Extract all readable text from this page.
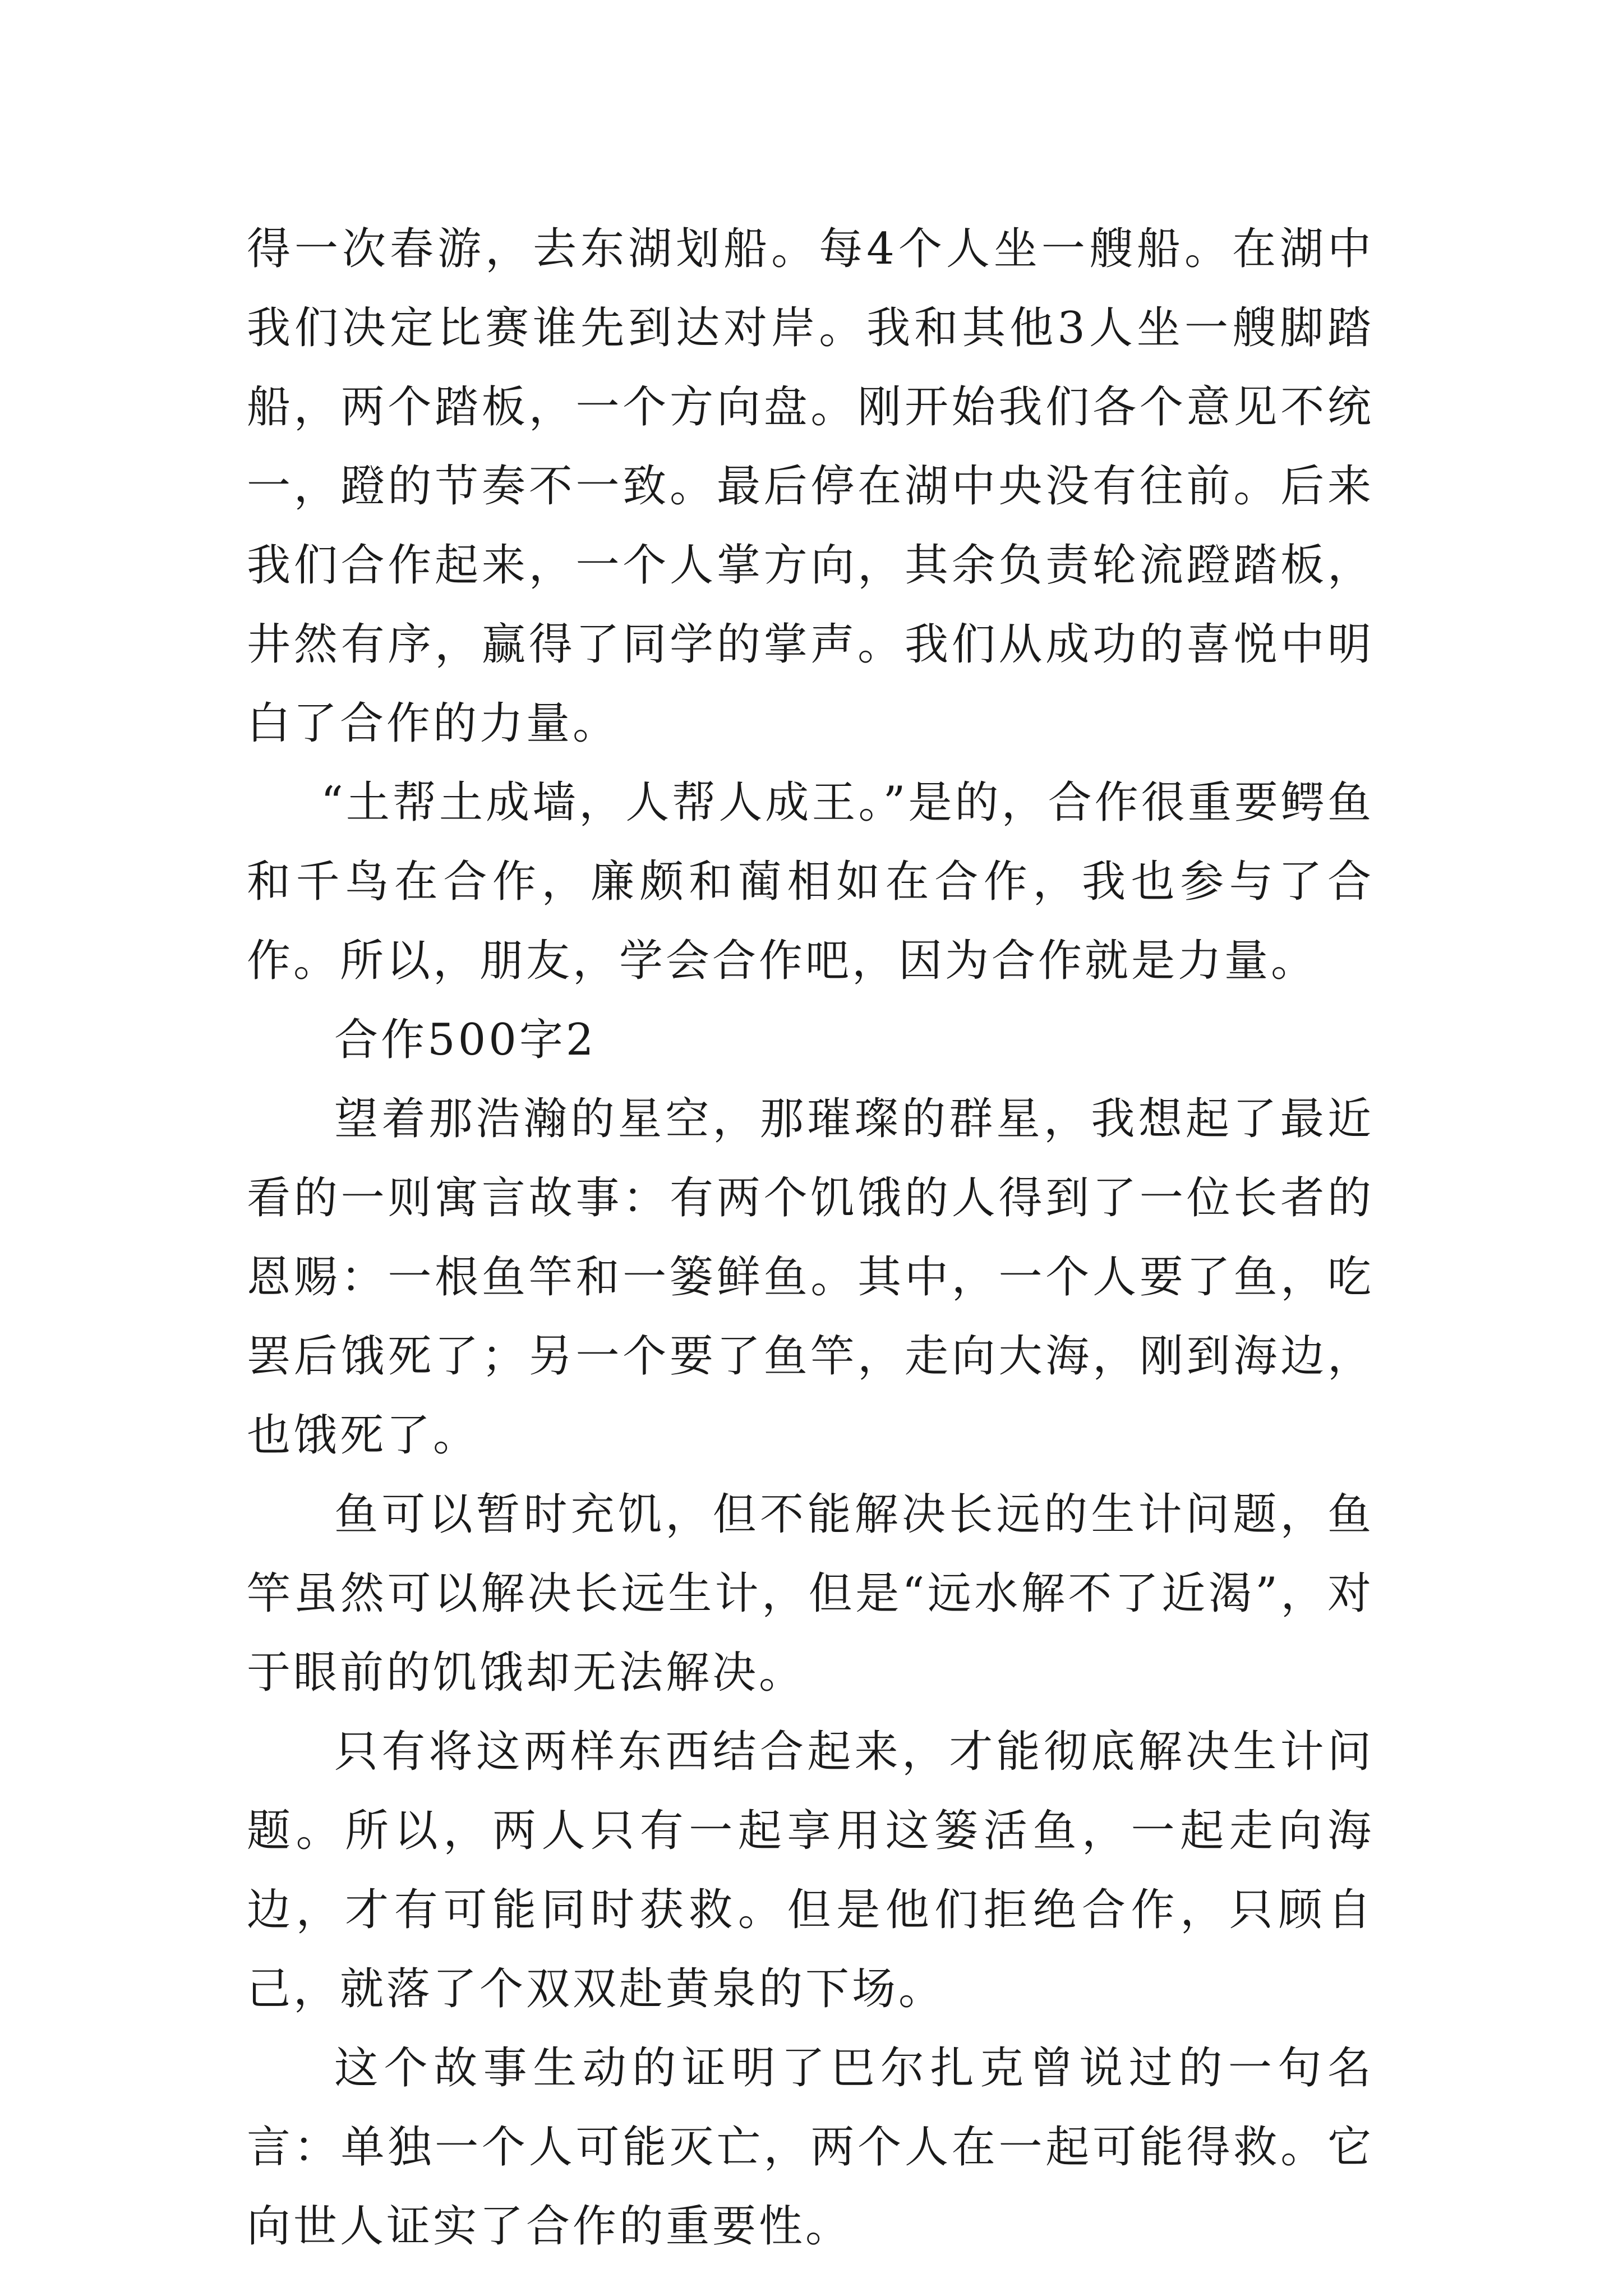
得一次春游，去东湖划船。每4个人坐一艘船。在湖中我们决定比赛谁先到达对岸。我和其他3人坐一艘脚踏船，两个踏板，一个方向盘。刚开始我们各个意见不统一，蹬的节奏不一致。最后停在湖中央没有往前。后来我们合作起来，一个人掌方向，其余负责轮流蹬踏板，井然有序，赢得了同学的掌声。我们从成功的喜悦中明白了合作的力量。

“土帮土成墙，人帮人成王。”是的，合作很重要鳄鱼和千鸟在合作，廉颇和蔺相如在合作，我也参与了合作。所以，朋友，学会合作吧，因为合作就是力量。

合作500字2

望着那浩瀚的星空，那璀璨的群星，我想起了最近看的一则寓言故事：有两个饥饿的人得到了一位长者的恩赐：一根鱼竿和一篓鲜鱼。其中，一个人要了鱼，吃罢后饿死了；另一个要了鱼竿，走向大海，刚到海边，也饿死了。

鱼可以暂时充饥，但不能解决长远的生计问题，鱼竿虽然可以解决长远生计，但是“远水解不了近渴”，对于眼前的饥饿却无法解决。

只有将这两样东西结合起来，才能彻底解决生计问题。所以，两人只有一起享用这篓活鱼，一起走向海边，才有可能同时获救。但是他们拒绝合作，只顾自己，就落了个双双赴黄泉的下场。

这个故事生动的证明了巴尔扎克曾说过的一句名言：单独一个人可能灭亡，两个人在一起可能得救。它向世人证实了合作的重要性。
